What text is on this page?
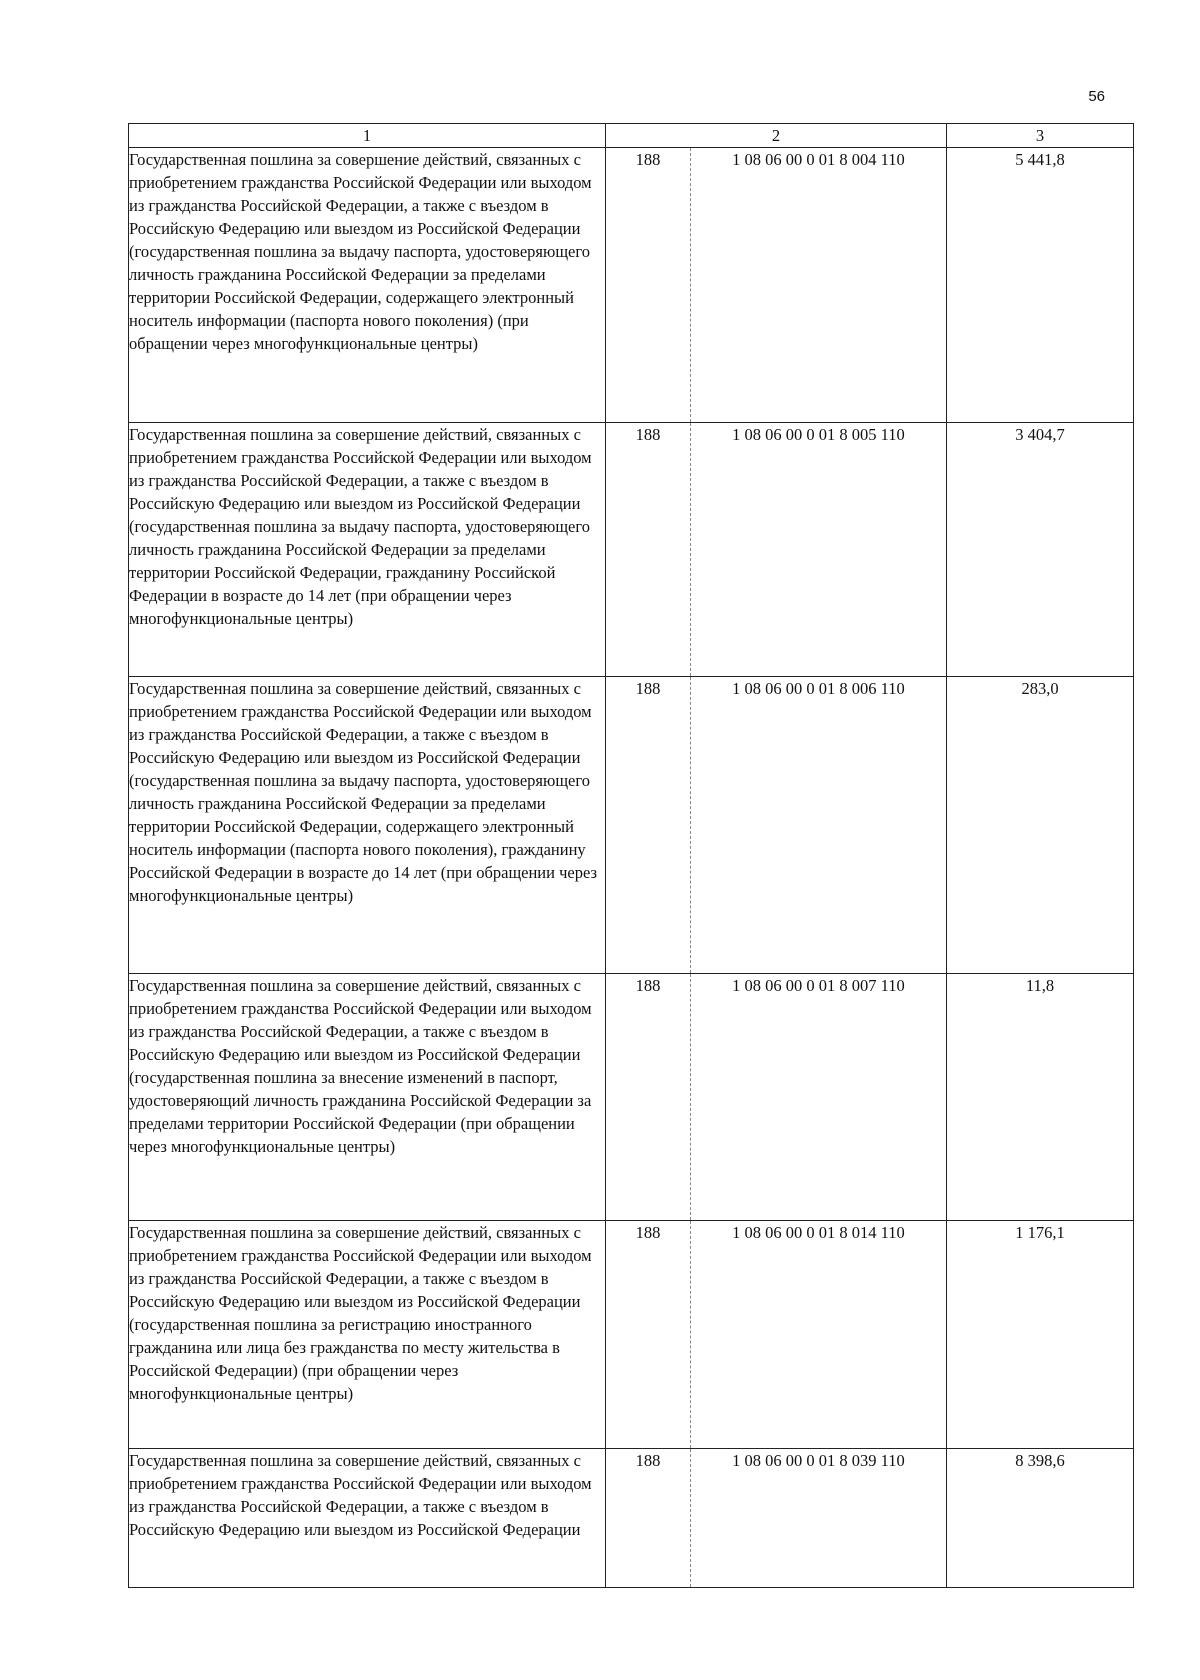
56
1	2		3
Государственная пошлина за совершение действий, связанных с приобретением гражданства Российской Федерации или выходом из гражданства Российской Федерации, а также с въездом в Российскую Федерацию или выездом из Российской Федерации (государственная пошлина за выдачу паспорта, удостоверяющего личность гражданина Российской Федерации за пределами территории Российской Федерации, содержащего электронный носитель информации (паспорта нового поколения) (при обращении через многофункциональные центры)	188	1 08 06 00 0 01 8 004 110	5 441,8
Государственная пошлина за совершение действий, связанных с приобретением гражданства Российской Федерации или выходом из гражданства Российской Федерации, а также с въездом в Российскую Федерацию или выездом из Российской Федерации (государственная пошлина за выдачу паспорта, удостоверяющего личность гражданина Российской Федерации за пределами территории Российской Федерации, гражданину Российской Федерации в возрасте до 14 лет (при обращении через многофункциональные центры)	188	1 08 06 00 0 01 8 005 110	3 404,7
Государственная пошлина за совершение действий, связанных с приобретением гражданства Российской Федерации или выходом из гражданства Российской Федерации, а также с въездом в Российскую Федерацию или выездом из Российской Федерации (государственная пошлина за выдачу паспорта, удостоверяющего личность гражданина Российской Федерации за пределами территории Российской Федерации, содержащего электронный носитель информации (паспорта нового поколения), гражданину Российской Федерации в возрасте до 14 лет (при обращении через многофункциональные центры)	188	1 08 06 00 0 01 8 006 110	283,0
Государственная пошлина за совершение действий, связанных с приобретением гражданства Российской Федерации или выходом из гражданства Российской Федерации, а также с въездом в Российскую Федерацию или выездом из Российской Федерации (государственная пошлина за внесение изменений в паспорт, удостоверяющий личность гражданина Российской Федерации за пределами территории Российской Федерации (при обращении через многофункциональные центры)	188	1 08 06 00 0 01 8 007 110	11,8
Государственная пошлина за совершение действий, связанных с приобретением гражданства Российской Федерации или выходом из гражданства Российской Федерации, а также с въездом в Российскую Федерацию или выездом из Российской Федерации (государственная пошлина за регистрацию иностранного гражданина или лица без гражданства по месту жительства в Российской Федерации) (при обращении через многофункциональные центры)	188	1 08 06 00 0 01 8 014 110	1 176,1
Государственная пошлина за совершение действий, связанных с приобретением гражданства Российской Федерации или выходом из гражданства Российской Федерации, а также с въездом в Российскую Федерацию или выездом из Российской Федерации	188	1 08 06 00 0 01 8 039 110	8 398,6
